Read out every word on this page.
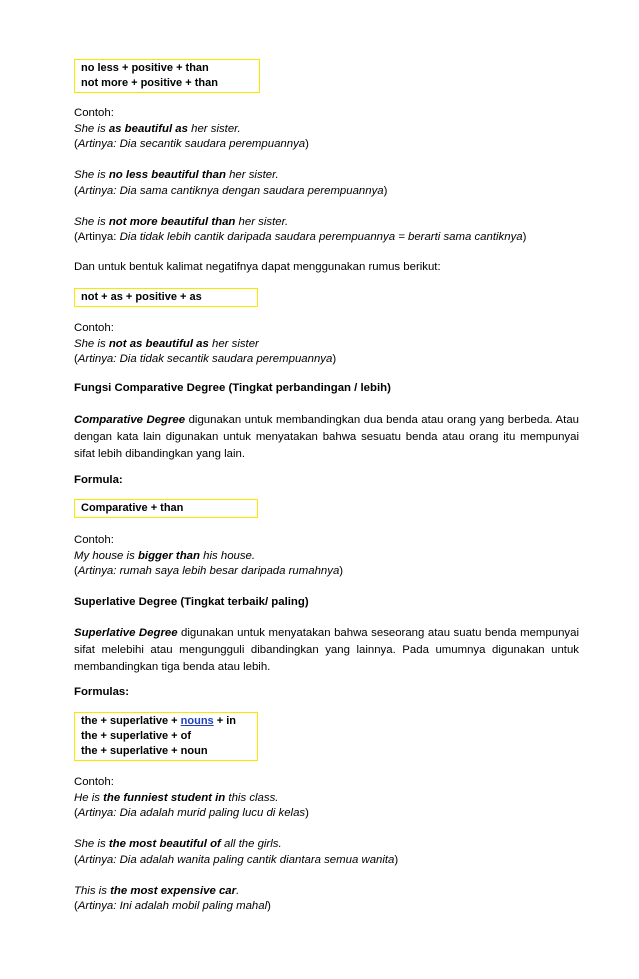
no less + positive + than
not more + positive + than
Contoh:
She is as beautiful as her sister.
(Artinya: Dia secantik saudara perempuannya)
She is no less beautiful than her sister.
(Artinya: Dia sama cantiknya dengan saudara perempuannya)
She is not more beautiful than her sister.
(Artinya: Dia tidak lebih cantik daripada saudara perempuannya = berarti sama cantiknya)
Dan untuk bentuk kalimat negatifnya dapat menggunakan rumus berikut:
not + as + positive + as
Contoh:
She is not as beautiful as her sister
(Artinya: Dia tidak secantik saudara perempuannya)
Fungsi Comparative Degree (Tingkat perbandingan / lebih)
Comparative Degree digunakan untuk membandingkan dua benda atau orang yang berbeda. Atau dengan kata lain digunakan untuk menyatakan bahwa sesuatu benda atau orang itu mempunyai sifat lebih dibandingkan yang lain.
Formula:
Comparative + than
Contoh:
My house is bigger than his house.
(Artinya: rumah saya lebih besar daripada rumahnya)
Superlative Degree (Tingkat terbaik/ paling)
Superlative Degree digunakan untuk menyatakan bahwa seseorang atau suatu benda mempunyai sifat melebihi atau mengungguli dibandingkan yang lainnya. Pada umumnya digunakan untuk membandingkan tiga benda atau lebih.
Formulas:
the + superlative + nouns + in
the + superlative + of
the + superlative + noun
Contoh:
He is the funniest student in this class.
(Artinya: Dia adalah murid paling lucu di kelas)
She is the most beautiful of all the girls.
(Artinya: Dia adalah wanita paling cantik diantara semua wanita)
This is the most expensive car.
(Artinya: Ini adalah mobil paling mahal)
